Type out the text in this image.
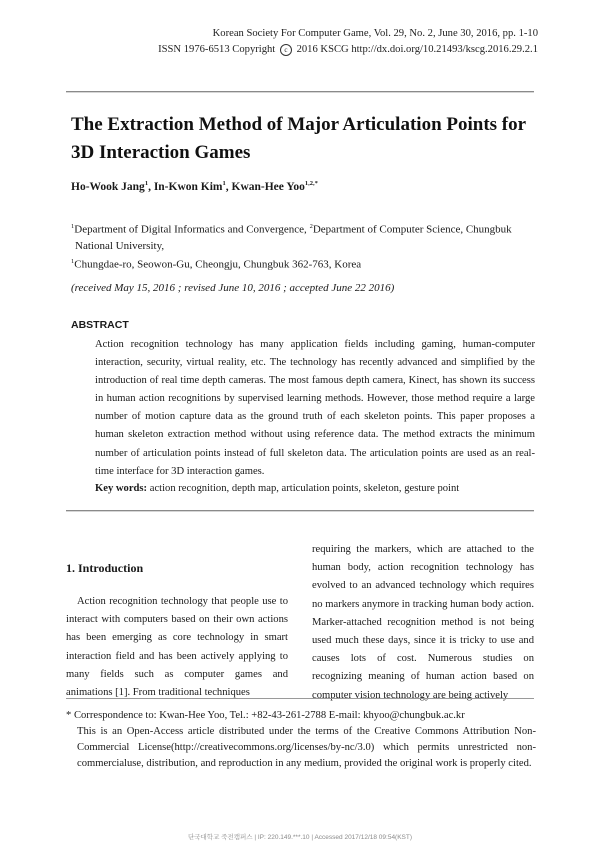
Korean Society For Computer Game, Vol. 29, No. 2, June 30, 2016, pp. 1-10
ISSN 1976-6513 Copyright c 2016 KSCG http://dx.doi.org/10.21493/kscg.2016.29.2.1
The Extraction Method of Major Articulation Points for 3D Interaction Games
Ho-Wook Jang$^1$, In-Kwon Kim$^1$, Kwan-Hee Yoo$^{1,2,*}$
$^1$Department of Digital Informatics and Convergence, $^2$Department of Computer Science, Chungbuk
National University,
$^1$Chungdae-ro, Seowon-Gu, Cheongju, Chungbuk 362-763, Korea
(received May 15, 2016 ; revised June 10, 2016 ; accepted June 22 2016)
ABSTRACT
Action recognition technology has many application fields including gaming, human-computer interaction, security, virtual reality, etc. The technology has recently advanced and simplified by the introduction of real time depth cameras. The most famous depth camera, Kinect, has shown its success in human action recognitions by supervised learning methods. However, those method require a large number of motion capture data as the ground truth of each skeleton points. This paper proposes a human skeleton extraction method without using reference data. The method extracts the minimum number of articulation points instead of full skeleton data. The articulation points are used as an real-time interface for 3D interaction games.
Key words: action recognition, depth map, articulation points, skeleton, gesture point
1. Introduction
Action recognition technology that people use to interact with computers based on their own actions has been emerging as core technology in smart interaction field and has been actively applying to many fields such as computer games and animations [1]. From traditional techniques
requiring the markers, which are attached to the human body, action recognition technology has evolved to an advanced technology which requires no markers anymore in tracking human body action. Marker-attached recognition method is not being used much these days, since it is tricky to use and causes lots of cost. Numerous studies on recognizing meaning of human action based on computer vision technology are being actively
* Correspondence to: Kwan-Hee Yoo, Tel.: +82-43-261-2788 E-mail: khyoo@chungbuk.ac.kr
This is an Open-Access article distributed under the terms of the Creative Commons Attribution Non-Commercial License(http://creativecommons.org/licenses/by-nc/3.0) which permits unrestricted non-commercialuse, distribution, and reproduction in any medium, provided the original work is properly cited.
단국대학교 죽전캠퍼스 | IP: 220.149.***.10 | Accessed 2017/12/18 09:54(KST)
